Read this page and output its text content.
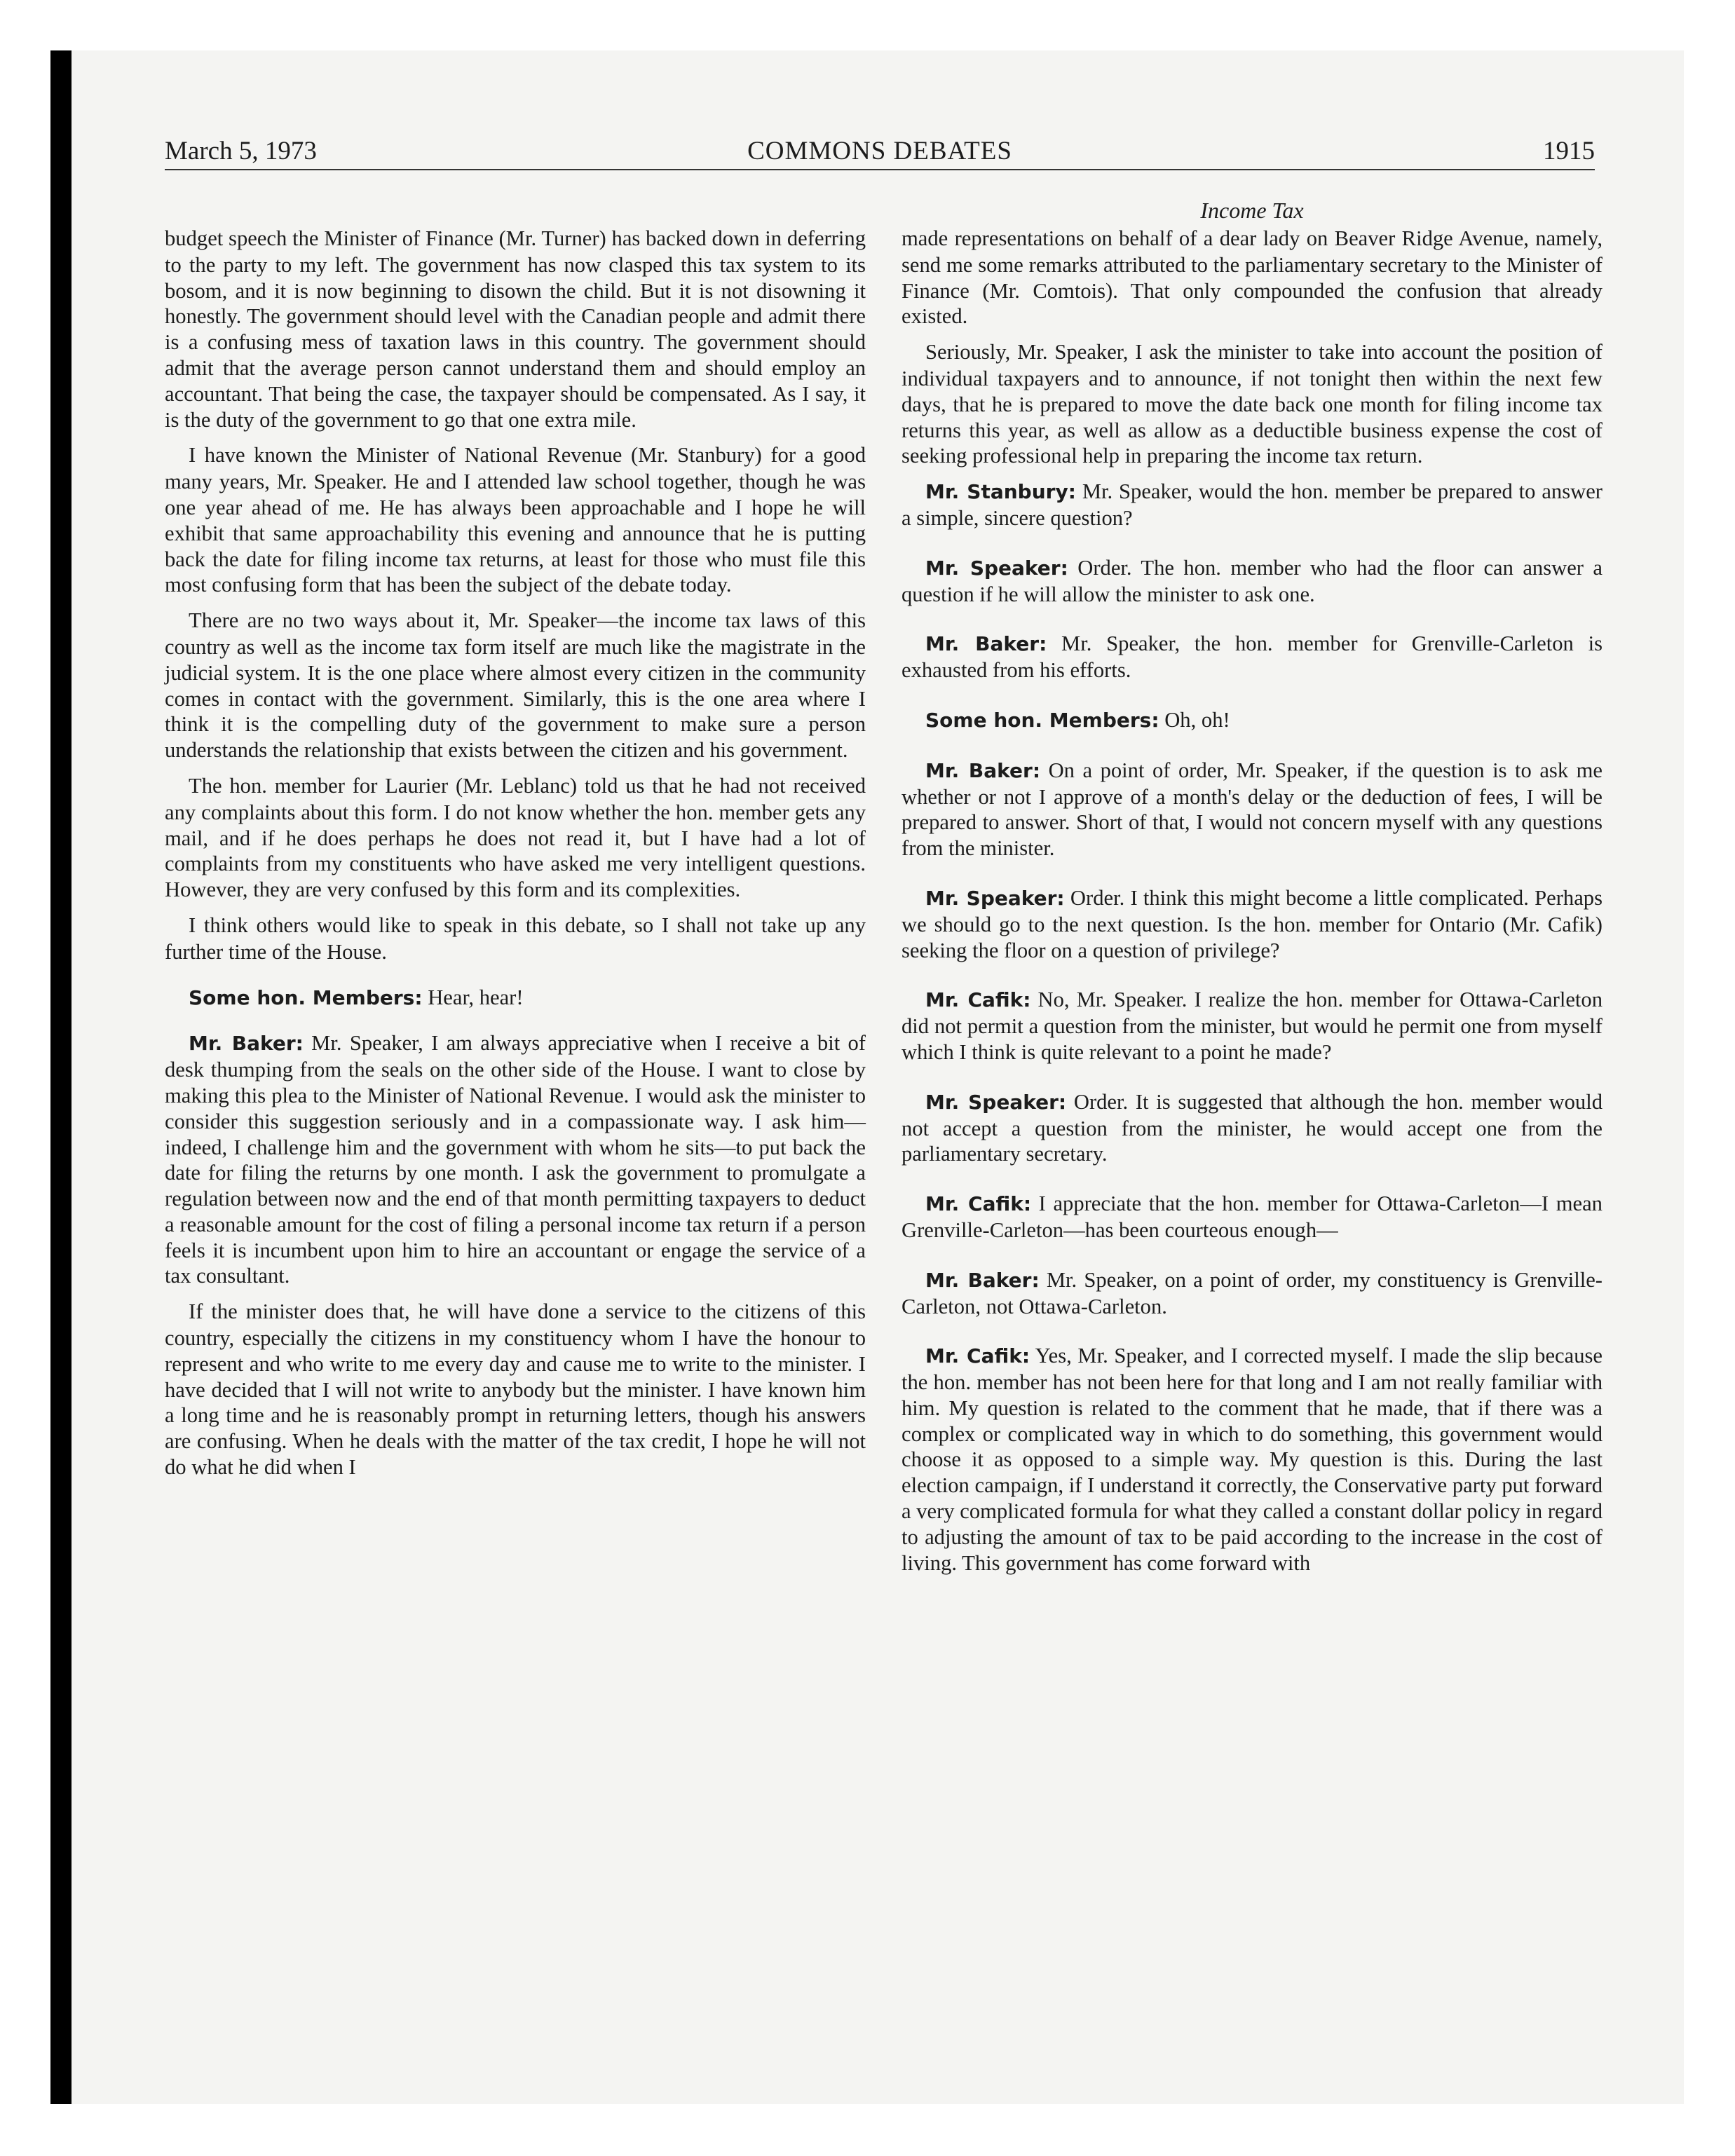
March 5, 1973	COMMONS DEBATES	1915
Income Tax

budget speech the Minister of Finance (Mr. Turner) has backed down in deferring to the party to my left. The government has now clasped this tax system to its bosom, and it is now beginning to disown the child. But it is not disowning it honestly. The government should level with the Canadian people and admit there is a confusing mess of taxation laws in this country. The government should admit that the average person cannot understand them and should employ an accountant. That being the case, the taxpayer should be compensated. As I say, it is the duty of the government to go that one extra mile.

I have known the Minister of National Revenue (Mr. Stanbury) for a good many years, Mr. Speaker. He and I attended law school together, though he was one year ahead of me. He has always been approachable and I hope he will exhibit that same approachability this evening and announce that he is putting back the date for filing income tax returns, at least for those who must file this most confusing form that has been the subject of the debate today.

There are no two ways about it, Mr. Speaker—the income tax laws of this country as well as the income tax form itself are much like the magistrate in the judicial system. It is the one place where almost every citizen in the community comes in contact with the government. Similarly, this is the one area where I think it is the compelling duty of the government to make sure a person understands the relationship that exists between the citizen and his government.

The hon. member for Laurier (Mr. Leblanc) told us that he had not received any complaints about this form. I do not know whether the hon. member gets any mail, and if he does perhaps he does not read it, but I have had a lot of complaints from my constituents who have asked me very intelligent questions. However, they are very confused by this form and its complexities.

I think others would like to speak in this debate, so I shall not take up any further time of the House.

Some hon. Members: Hear, hear!

Mr. Baker: Mr. Speaker, I am always appreciative when I receive a bit of desk thumping from the seals on the other side of the House. I want to close by making this plea to the Minister of National Revenue. I would ask the minister to consider this suggestion seriously and in a compassionate way. I ask him—indeed, I challenge him and the government with whom he sits—to put back the date for filing the returns by one month. I ask the government to promulgate a regulation between now and the end of that month permitting taxpayers to deduct a reasonable amount for the cost of filing a personal income tax return if a person feels it is incumbent upon him to hire an accountant or engage the service of a tax consultant.

If the minister does that, he will have done a service to the citizens of this country, especially the citizens in my constituency whom I have the honour to represent and who write to me every day and cause me to write to the minister. I have decided that I will not write to anybody but the minister. I have known him a long time and he is reasonably prompt in returning letters, though his answers are confusing. When he deals with the matter of the tax credit, I hope he will not do what he did when I

made representations on behalf of a dear lady on Beaver Ridge Avenue, namely, send me some remarks attributed to the parliamentary secretary to the Minister of Finance (Mr. Comtois). That only compounded the confusion that already existed.

Seriously, Mr. Speaker, I ask the minister to take into account the position of individual taxpayers and to announce, if not tonight then within the next few days, that he is prepared to move the date back one month for filing income tax returns this year, as well as allow as a deductible business expense the cost of seeking professional help in preparing the income tax return.

Mr. Stanbury: Mr. Speaker, would the hon. member be prepared to answer a simple, sincere question?

Mr. Speaker: Order. The hon. member who had the floor can answer a question if he will allow the minister to ask one.

Mr. Baker: Mr. Speaker, the hon. member for Grenville-Carleton is exhausted from his efforts.

Some hon. Members: Oh, oh!

Mr. Baker: On a point of order, Mr. Speaker, if the question is to ask me whether or not I approve of a month's delay or the deduction of fees, I will be prepared to answer. Short of that, I would not concern myself with any questions from the minister.

Mr. Speaker: Order. I think this might become a little complicated. Perhaps we should go to the next question. Is the hon. member for Ontario (Mr. Cafik) seeking the floor on a question of privilege?

Mr. Cafik: No, Mr. Speaker. I realize the hon. member for Ottawa-Carleton did not permit a question from the minister, but would he permit one from myself which I think is quite relevant to a point he made?

Mr. Speaker: Order. It is suggested that although the hon. member would not accept a question from the minister, he would accept one from the parliamentary secretary.

Mr. Cafik: I appreciate that the hon. member for Ottawa-Carleton—I mean Grenville-Carleton—has been courteous enough—

Mr. Baker: Mr. Speaker, on a point of order, my constituency is Grenville-Carleton, not Ottawa-Carleton.

Mr. Cafik: Yes, Mr. Speaker, and I corrected myself. I made the slip because the hon. member has not been here for that long and I am not really familiar with him. My question is related to the comment that he made, that if there was a complex or complicated way in which to do something, this government would choose it as opposed to a simple way. My question is this. During the last election campaign, if I understand it correctly, the Conservative party put forward a very complicated formula for what they called a constant dollar policy in regard to adjusting the amount of tax to be paid according to the increase in the cost of living. This government has come forward with
